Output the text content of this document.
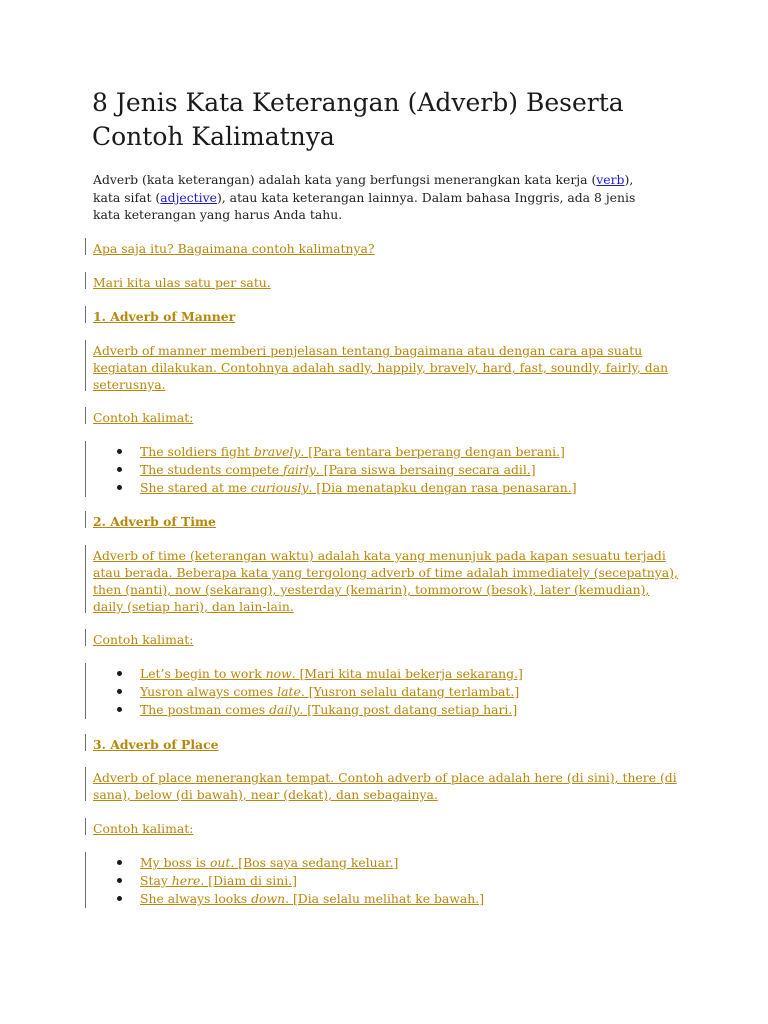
8 Jenis Kata Keterangan (Adverb) Beserta Contoh Kalimatnya

Adverb (kata keterangan) adalah kata yang berfungsi menerangkan kata kerja (verb), kata sifat (adjective), atau kata keterangan lainnya. Dalam bahasa Inggris, ada 8 jenis kata keterangan yang harus Anda tahu.

Apa saja itu? Bagaimana contoh kalimatnya?

Mari kita ulas satu per satu.

1. Adverb of Manner

Adverb of manner memberi penjelasan tentang bagaimana atau dengan cara apa suatu kegiatan dilakukan. Contohnya adalah sadly, happily, bravely, hard, fast, soundly, fairly, dan seterusnya.

Contoh kalimat:

The soldiers fight bravely. [Para tentara berperang dengan berani.]
The students compete fairly. [Para siswa bersaing secara adil.]
She stared at me curiously. [Dia menatapku dengan rasa penasaran.]

2. Adverb of Time

Adverb of time (keterangan waktu) adalah kata yang menunjuk pada kapan sesuatu terjadi atau berada. Beberapa kata yang tergolong adverb of time adalah immediately (secepatnya), then (nanti), now (sekarang), yesterday (kemarin), tommorow (besok), later (kemudian), daily (setiap hari), dan lain-lain.

Contoh kalimat:

Let’s begin to work now. [Mari kita mulai bekerja sekarang.]
Yusron always comes late. [Yusron selalu datang terlambat.]
The postman comes daily. [Tukang post datang setiap hari.]

3. Adverb of Place

Adverb of place menerangkan tempat. Contoh adverb of place adalah here (di sini), there (di sana), below (di bawah), near (dekat), dan sebagainya.

Contoh kalimat:

My boss is out. [Bos saya sedang keluar.]
Stay here. [Diam di sini.]
She always looks down. [Dia selalu melihat ke bawah.]
